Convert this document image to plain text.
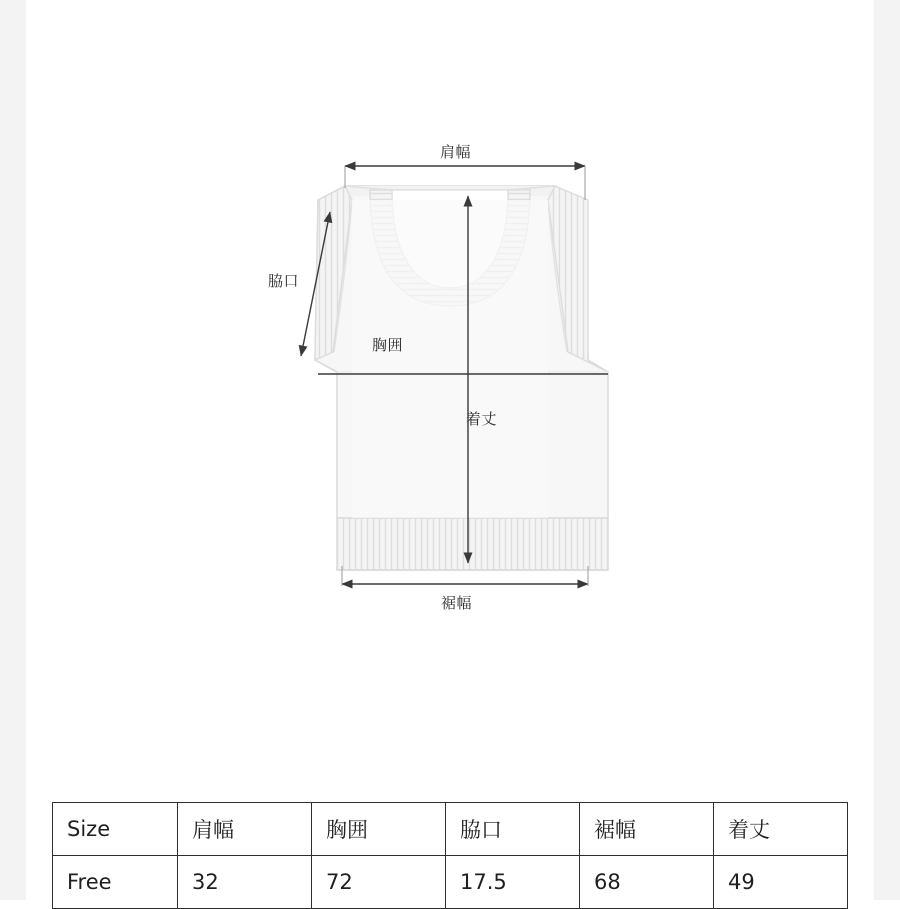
肩幅
脇口
胸囲
着丈
裾幅
Size	肩幅	胸囲	脇口	裾幅	着丈
Free	32	72	17.5	68	49
